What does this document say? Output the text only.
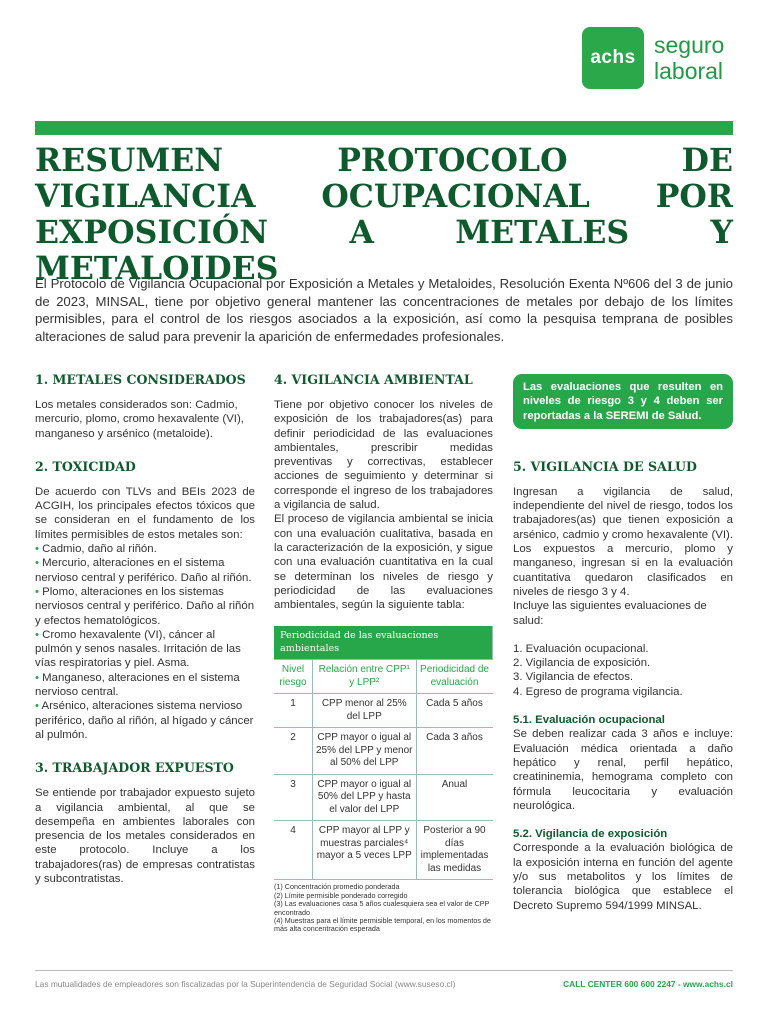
achs seguro
laboral
RESUMEN PROTOCOLO DE VIGILANCIA OCUPACIONAL POR EXPOSICIÓN A METALES Y METALOIDES

El Protocolo de Vigilancia Ocupacional por Exposición a Metales y Metaloides, Resolución Exenta Nº606 del 3 de junio de 2023, MINSAL, tiene por objetivo general mantener las concentraciones de metales por debajo de los límites permisibles, para el control de los riesgos asociados a la exposición, así como la pesquisa temprana de posibles alteraciones de salud para prevenir la aparición de enfermedades profesionales.

1. METALES CONSIDERADOS

Los metales considerados son: Cadmio, mercurio, plomo, cromo hexavalente (VI), manganeso y arsénico (metaloide).

2. TOXICIDAD

De acuerdo con TLVs and BEIs 2023 de ACGIH, los principales efectos tóxicos que se consideran en el fundamento de los límites permisibles de estos metales son:

• Cadmio, daño al riñón.
• Mercurio, alteraciones en el sistema nervioso central y periférico. Daño al riñón.
• Plomo, alteraciones en los sistemas nerviosos central y periférico. Daño al riñón y efectos hematológicos.
• Cromo hexavalente (VI), cáncer al pulmón y senos nasales. Irritación de las vías respiratorias y piel. Asma.
• Manganeso, alteraciones en el sistema nervioso central.
• Arsénico, alteraciones sistema nervioso periférico, daño al riñón, al hígado y cáncer al pulmón.
3. TRABAJADOR EXPUESTO

Se entiende por trabajador expuesto sujeto a vigilancia ambiental, al que se desempeña en ambientes laborales con presencia de los metales considerados en este protocolo. Incluye a los trabajadores(ras) de empresas contratistas y subcontratistas.

4. VIGILANCIA AMBIENTAL

Tiene por objetivo conocer los niveles de exposición de los trabajadores(as) para definir periodicidad de las evaluaciones ambientales, prescribir medidas preventivas y correctivas, establecer acciones de seguimiento y determinar si corresponde el ingreso de los trabajadores a vigilancia de salud.

El proceso de vigilancia ambiental se inicia con una evaluación cualitativa, basada en la caracterización de la exposición, y sigue con una evaluación cuantitativa en la cual se determinan los niveles de riesgo y periodicidad de las evaluaciones ambientales, según la siguiente tabla:

Periodicidad de las evaluaciones ambientales		
Nivel riesgo	Relación entre CPP¹ y LPP²	Periodicidad de evaluación
1	CPP menor al 25% del LPP	Cada 5 años
2	CPP mayor o igual al 25% del LPP y menor al 50% del LPP	Cada 3 años
3	CPP mayor o igual al 50% del LPP y hasta el valor del LPP	Anual
4	CPP mayor al LPP y muestras parciales⁴ mayor a 5 veces LPP	Posterior a 90 días implementadas las medidas
(1) Concentración promedio ponderada
(2) Límite permisible ponderado corregido
(3) Las evaluaciones casa 5 años cualesquiera sea el valor de CPP encontrado
(4) Muestras para el límite permisible temporal, en los momentos de más alta concentración esperada
Las evaluaciones que resulten en niveles de riesgo 3 y 4 deben ser reportadas a la SEREMI de Salud.
5. VIGILANCIA DE SALUD

Ingresan a vigilancia de salud, independiente del nivel de riesgo, todos los trabajadores(as) que tienen exposición a arsénico, cadmio y cromo hexavalente (VI). Los expuestos a mercurio, plomo y manganeso, ingresan si en la evaluación cuantitativa quedaron clasificados en niveles de riesgo 3 y 4.

Incluye las siguientes evaluaciones de salud:

1. Evaluación ocupacional.
2. Vigilancia de exposición.
3. Vigilancia de efectos.
4. Egreso de programa vigilancia.
5.1. Evaluación ocupacional

Se deben realizar cada 3 años e incluye: Evaluación médica orientada a daño hepático y renal, perfil hepático, creatininemia, hemograma completo con fórmula leucocitaria y evaluación neurológica.

5.2. Vigilancia de exposición

Corresponde a la evaluación biológica de la exposición interna en función del agente y/o sus metabolitos y los límites de tolerancia biológica que establece el Decreto Supremo 594/1999 MINSAL.

Las mutualidades de empleadores son fiscalizadas por la Superintendencia de Seguridad Social (www.suseso.cl)	CALL CENTER 600 600 2247 - www.achs.cl
